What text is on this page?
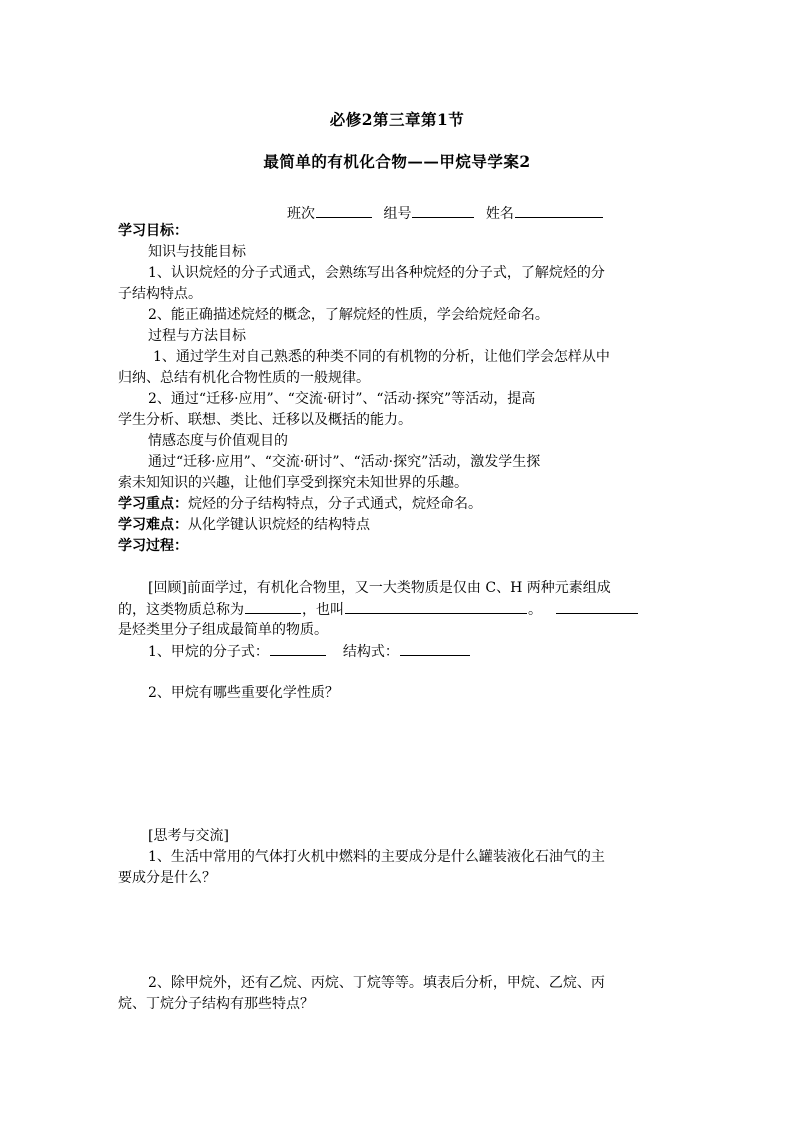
必修2第三章第1节
最简单的有机化合物——甲烷导学案2
班次	组号	姓名
学习目标：
知识与技能目标
1、认识烷烃的分子式通式，会熟练写出各种烷烃的分子式，了解烷烃的分
子结构特点。
2、能正确描述烷烃的概念，了解烷烃的性质，学会给烷烃命名。
过程与方法目标
1、通过学生对自己熟悉的种类不同的有机物的分析，让他们学会怎样从中
归纳、总结有机化合物性质的一般规律。
2、通过“迁移·应用”、“交流·研讨”、“活动·探究”等活动，提高
学生分析、联想、类比、迁移以及概括的能力。
情感态度与价值观目的
通过“迁移·应用”、“交流·研讨”、“活动·探究”活动，激发学生探
索未知知识的兴趣，让他们享受到探究未知世界的乐趣。
学习重点：烷烃的分子结构特点，分子式通式，烷烃命名。
学习难点：从化学键认识烷烃的结构特点
学习过程：
[回顾]前面学过，有机化合物里，又一大类物质是仅由 C、H 两种元素组成
的，这类物质总称为	，也叫	。
是烃类里分子组成最简单的物质。
1、甲烷的分子式：	结构式：
2、甲烷有哪些重要化学性质？
[思考与交流]
1、生活中常用的气体打火机中燃料的主要成分是什么罐装液化石油气的主
要成分是什么？
2、除甲烷外，还有乙烷、丙烷、丁烷等等。填表后分析，甲烷、乙烷、丙
烷、丁烷分子结构有那些特点？
